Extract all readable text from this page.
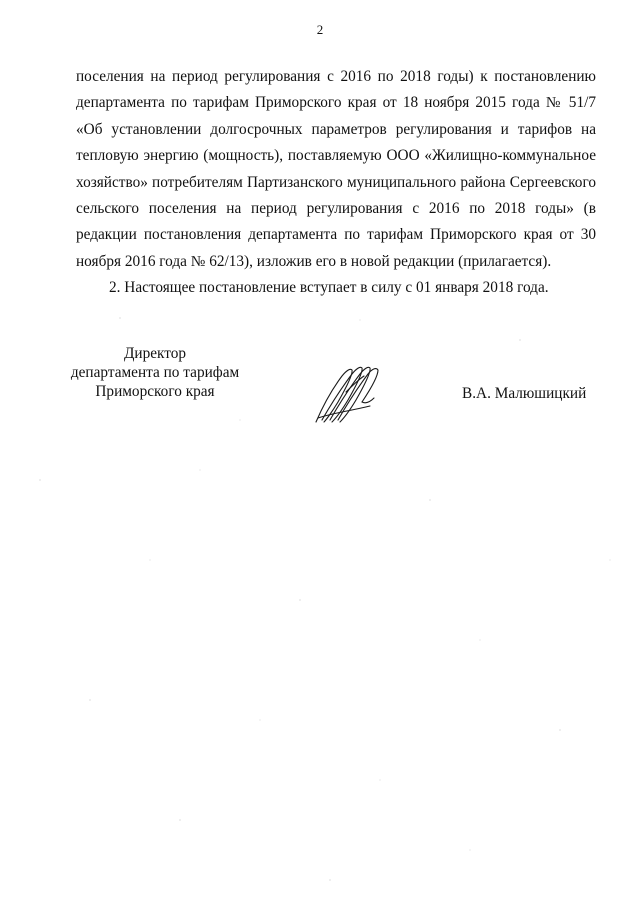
2

поселения на период регулирования с 2016 по 2018 годы) к постановлению департамента по тарифам Приморского края от 18 ноября 2015 года № 51/7 «Об установлении долгосрочных параметров регулирования и тарифов на тепловую энергию (мощность), поставляемую ООО «Жилищно-коммунальное хозяйство» потребителям Партизанского муниципального района Сергеевского сельского поселения на период регулирования с 2016 по 2018 годы» (в редакции постановления департамента по тарифам Приморского края от 30 ноября 2016 года № 62/13), изложив его в новой редакции (прилагается).

2. Настоящее постановление вступает в силу с 01 января 2018 года.

Директор
департамента по тарифам
Приморского края	В.А. Малюшицкий
